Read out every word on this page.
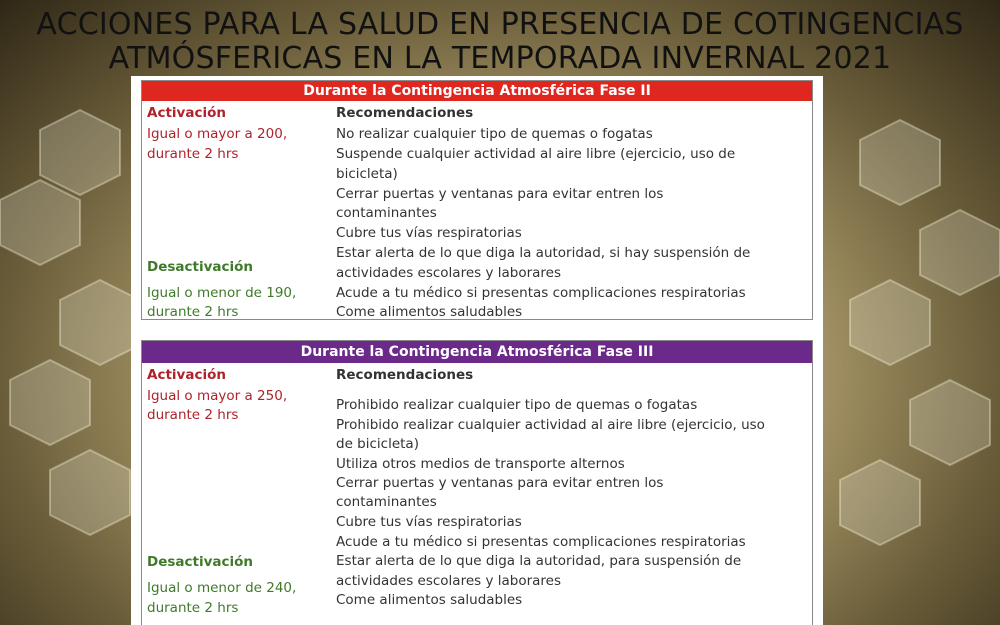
ACCIONES PARA LA SALUD EN PRESENCIA DE COTINGENCIAS
ATMÓSFERICAS EN LA TEMPORADA INVERNAL 2021
Durante la Contingencia Atmosférica Fase II
Activación	Recomendaciones
Igual o mayor a 200,
durante 2 hrs
Desactivación
Igual o menor de 190,
durante 2 hrs
No realizar cualquier tipo de quemas o fogatas
Suspende cualquier actividad al aire libre (ejercicio, uso de
bicicleta)
Cerrar puertas y ventanas para evitar entren los
contaminantes
Cubre tus vías respiratorias
Estar alerta de lo que diga la autoridad, si hay suspensión de
actividades escolares y laborares
Acude a tu médico si presentas complicaciones respiratorias
Come alimentos saludables
Durante la Contingencia Atmosférica Fase III
Activación	Recomendaciones
Igual o mayor a 250,
durante 2 hrs
Desactivación
Igual o menor de 240,
durante 2 hrs
Prohibido realizar cualquier tipo de quemas o fogatas
Prohibido realizar cualquier actividad al aire libre (ejercicio, uso
de bicicleta)
Utiliza otros medios de transporte alternos
Cerrar puertas y ventanas para evitar entren los
contaminantes
Cubre tus vías respiratorias
Acude a tu médico si presentas complicaciones respiratorias
Estar alerta de lo que diga la autoridad, para suspensión de
actividades escolares y laborares
Come alimentos saludables
